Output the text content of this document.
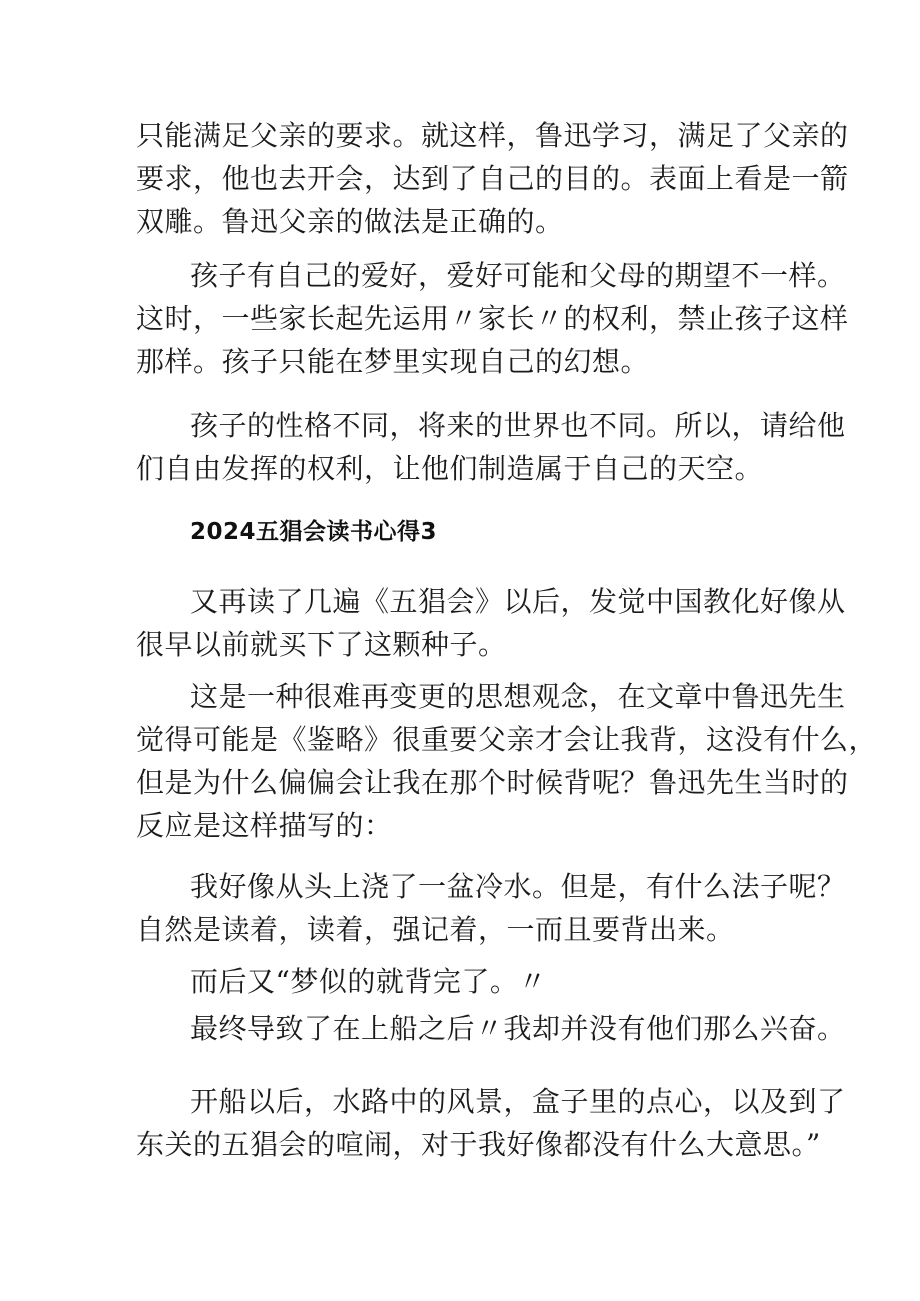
只能满足父亲的要求。就这样，鲁迅学习，满足了父亲的
要求，他也去开会，达到了自己的目的。表面上看是一箭
双雕。鲁迅父亲的做法是正确的。
孩子有自己的爱好，爱好可能和父母的期望不一样。
这时，一些家长起先运用〃家长〃的权利，禁止孩子这样
那样。孩子只能在梦里实现自己的幻想。
孩子的性格不同，将来的世界也不同。所以，请给他
们自由发挥的权利，让他们制造属于自己的天空。
2024五猖会读书心得3
又再读了几遍《五猖会》以后，发觉中国教化好像从
很早以前就买下了这颗种子。
这是一种很难再变更的思想观念，在文章中鲁迅先生
觉得可能是《鉴略》很重要父亲才会让我背，这没有什么，
但是为什么偏偏会让我在那个时候背呢？鲁迅先生当时的
反应是这样描写的：
我好像从头上浇了一盆冷水。但是，有什么法子呢？
自然是读着，读着，强记着，一而且要背出来。
而后又“梦似的就背完了。〃
最终导致了在上船之后〃我却并没有他们那么兴奋。
开船以后，水路中的风景，盒子里的点心，以及到了
东关的五猖会的喧闹，对于我好像都没有什么大意思。”
